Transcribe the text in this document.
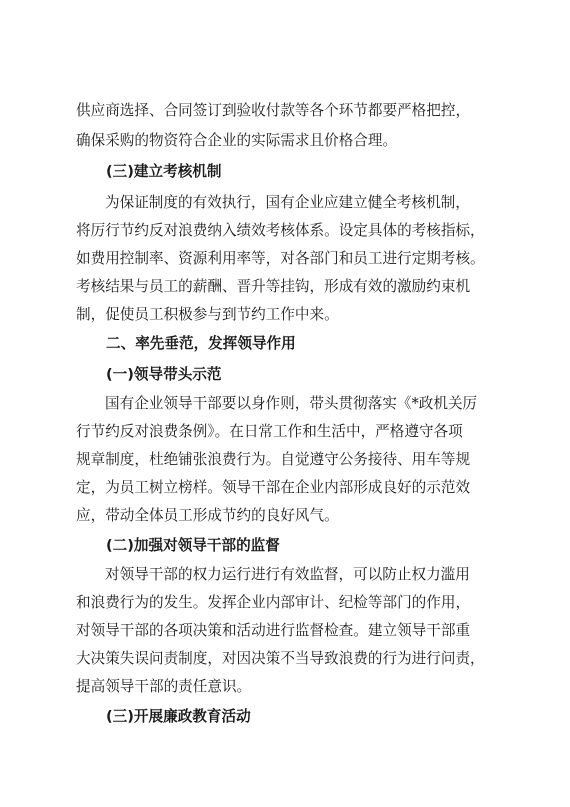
供应商选择、合同签订到验收付款等各个环节都要严格把控，
确保采购的物资符合企业的实际需求且价格合理。
(三)建立考核机制
为保证制度的有效执行，国有企业应建立健全考核机制，
将厉行节约反对浪费纳入绩效考核体系。设定具体的考核指标，
如费用控制率、资源利用率等，对各部门和员工进行定期考核。
考核结果与员工的薪酬、晋升等挂钩，形成有效的激励约束机
制，促使员工积极参与到节约工作中来。
二、率先垂范，发挥领导作用
(一)领导带头示范
国有企业领导干部要以身作则，带头贯彻落实《*政机关厉
行节约反对浪费条例》。在日常工作和生活中，严格遵守各项
规章制度，杜绝铺张浪费行为。自觉遵守公务接待、用车等规
定，为员工树立榜样。领导干部在企业内部形成良好的示范效
应，带动全体员工形成节约的良好风气。
(二)加强对领导干部的监督
对领导干部的权力运行进行有效监督，可以防止权力滥用
和浪费行为的发生。发挥企业内部审计、纪检等部门的作用，
对领导干部的各项决策和活动进行监督检查。建立领导干部重
大决策失误问责制度，对因决策不当导致浪费的行为进行问责，
提高领导干部的责任意识。
(三)开展廉政教育活动
